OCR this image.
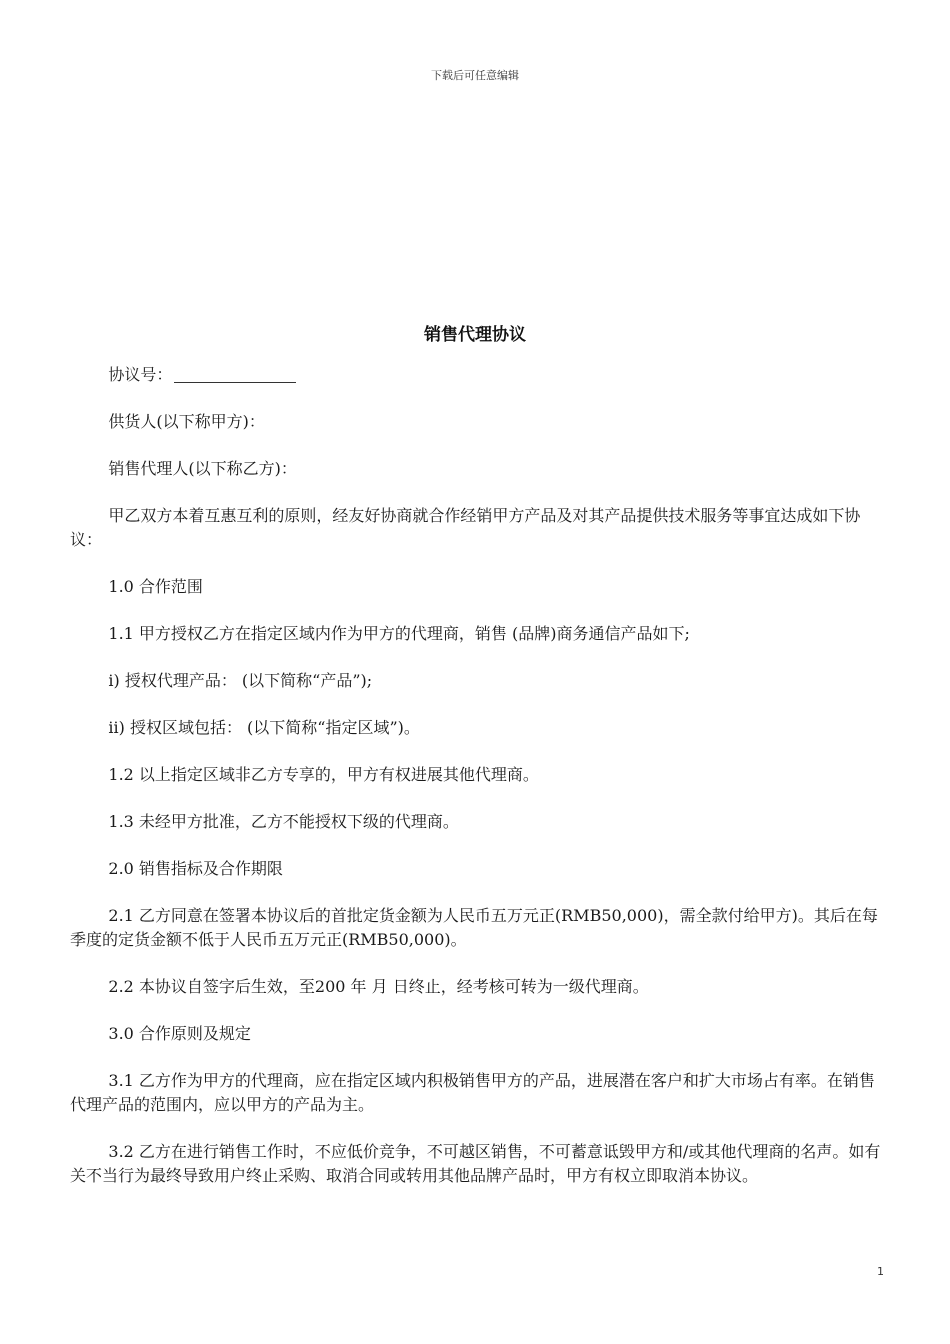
下载后可任意编辑
销售代理协议

协议号：

供货人(以下称甲方)：

销售代理人(以下称乙方)：

甲乙双方本着互惠互利的原则，经友好协商就合作经销甲方产品及对其产品提供技术服务等事宜达成如下协议：

1.0 合作范围

1.1 甲方授权乙方在指定区域内作为甲方的代理商，销售 (品牌)商务通信产品如下;

i) 授权代理产品： (以下简称“产品”);

ii) 授权区域包括： (以下简称“指定区域”)。

1.2 以上指定区域非乙方专享的，甲方有权进展其他代理商。

1.3 未经甲方批准，乙方不能授权下级的代理商。

2.0 销售指标及合作期限

2.1 乙方同意在签署本协议后的首批定货金额为人民币五万元正(RMB50,000)，需全款付给甲方)。其后在每季度的定货金额不低于人民币五万元正(RMB50,000)。

2.2 本协议自签字后生效，至200 年 月 日终止，经考核可转为一级代理商。

3.0 合作原则及规定

3.1 乙方作为甲方的代理商，应在指定区域内积极销售甲方的产品，进展潜在客户和扩大市场占有率。在销售代理产品的范围内，应以甲方的产品为主。

3.2 乙方在进行销售工作时，不应低价竞争，不可越区销售，不可蓄意诋毁甲方和/或其他代理商的名声。如有关不当行为最终导致用户终止采购、取消合同或转用其他品牌产品时，甲方有权立即取消本协议。

1
